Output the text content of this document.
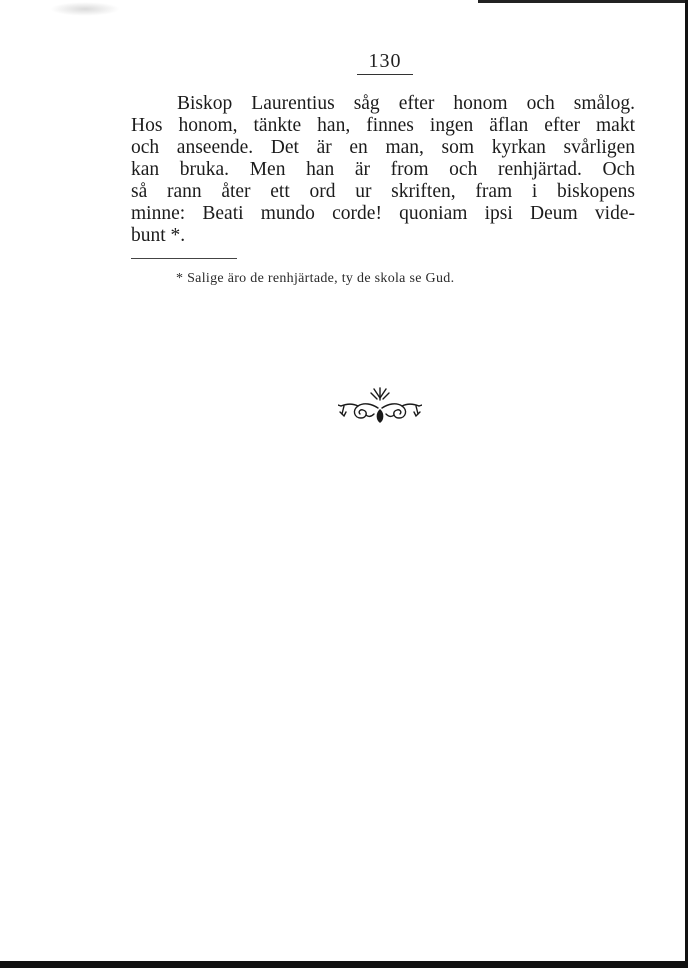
130
Biskop Laurentius såg efter honom och smålog.
Hos honom, tänkte han, finnes ingen äflan efter makt
och anseende. Det är en man, som kyrkan svårligen
kan bruka. Men han är from och renhjärtad. Och
så rann åter ett ord ur skriften, fram i biskopens
minne: Beati mundo corde! quoniam ipsi Deum vide-
bunt *.
* Salige äro de renhjärtade, ty de skola se Gud.
